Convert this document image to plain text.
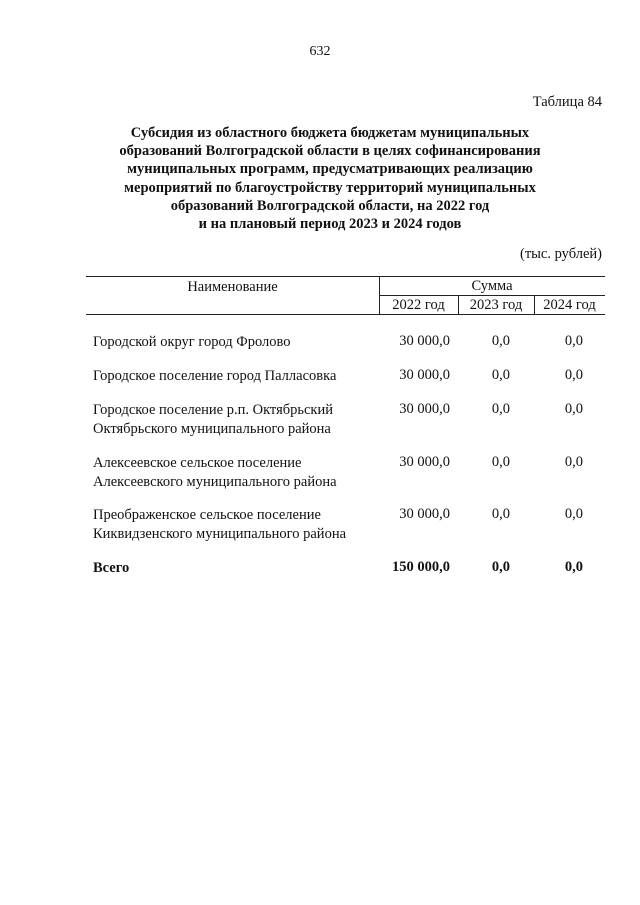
632
Таблица 84
Субсидия из областного бюджета бюджетам муниципальных
образований Волгоградской области в целях софинансирования
муниципальных программ, предусматривающих реализацию
мероприятий по благоустройству территорий муниципальных
образований Волгоградской области, на 2022 год
и на плановый период 2023 и 2024 годов
(тыс. рублей)
Наименование	Сумма
2022 год	2023 год	2024 год
Городской округ город Фролово	30 000,0	0,0	0,0
Городское поселение город Палласовка	30 000,0	0,0	0,0
Городское поселение р.п. Октябрьский
Октябрьского муниципального района
30 000,0	0,0	0,0
Алексеевское сельское поселение
Алексеевского муниципального района
30 000,0	0,0	0,0
Преображенское сельское поселение
Киквидзенского муниципального района
30 000,0	0,0	0,0
Всего	150 000,0	0,0	0,0
